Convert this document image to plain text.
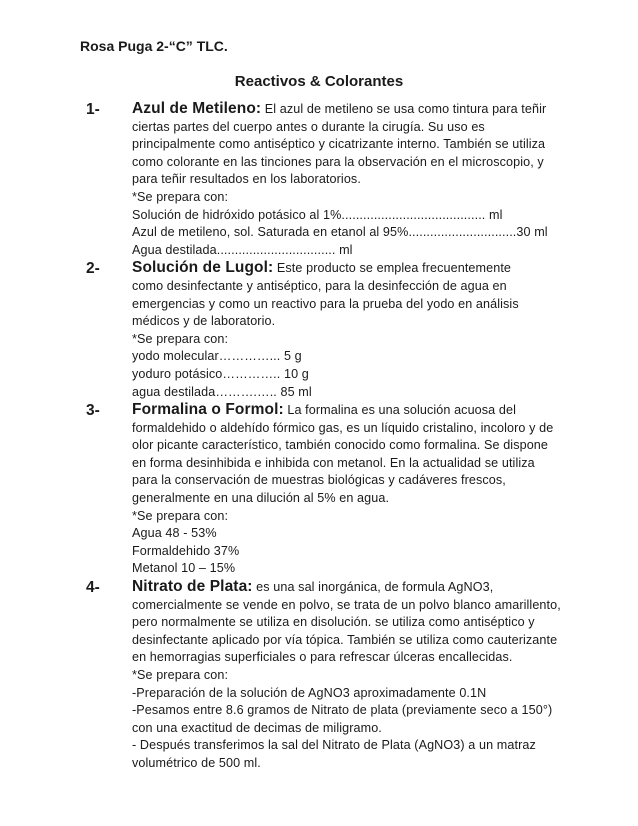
Rosa Puga 2-“C” TLC.
Reactivos & Colorantes
1-	Azul de Metileno: El azul de metileno se usa como tintura para teñir
ciertas partes del cuerpo antes o durante la cirugía. Su uso es
principalmente como antiséptico y cicatrizante interno. También se utiliza
como colorante en las tinciones para la observación en el microscopio, y
para teñir resultados en los laboratorios.
*Se prepara con:
Solución de hidróxido potásico al 1%........................................ ml
Azul de metileno, sol. Saturada en etanol al 95%..............................30 ml
Agua destilada................................. ml
2-	Solución de Lugol: Este producto se emplea frecuentemente
como desinfectante y antiséptico, para la desinfección de agua en
emergencias y como un reactivo para la prueba del yodo en análisis
médicos y de laboratorio.
*Se prepara con:
yodo molecular…………... 5 g
yoduro potásico………….. 10 g
agua destilada……….….. 85 ml
3-	Formalina o Formol: La formalina es una solución acuosa del
formaldehido o aldehído fórmico gas, es un líquido cristalino, incoloro y de
olor picante característico, también conocido como formalina. Se dispone
en forma desinhibida e inhibida con metanol. En la actualidad se utiliza
para la conservación de muestras biológicas y cadáveres frescos,
generalmente en una dilución al 5% en agua.
*Se prepara con:
Agua 48 - 53%
Formaldehido 37%
Metanol 10 – 15%
4-	Nitrato de Plata: es una sal inorgánica, de formula AgNO3,
comercialmente se vende en polvo, se trata de un polvo blanco amarillento,
pero normalmente se utiliza en disolución. se utiliza como antiséptico y
desinfectante aplicado por vía tópica. También se utiliza como cauterizante
en hemorragias superficiales o para refrescar úlceras encallecidas.
*Se prepara con:
-Preparación de la solución de AgNO3 aproximadamente 0.1N
-Pesamos entre 8.6 gramos de Nitrato de plata (previamente seco a 150°)
con una exactitud de decimas de miligramo.
- Después transferimos la sal del Nitrato de Plata (AgNO3) a un matraz
volumétrico de 500 ml.
